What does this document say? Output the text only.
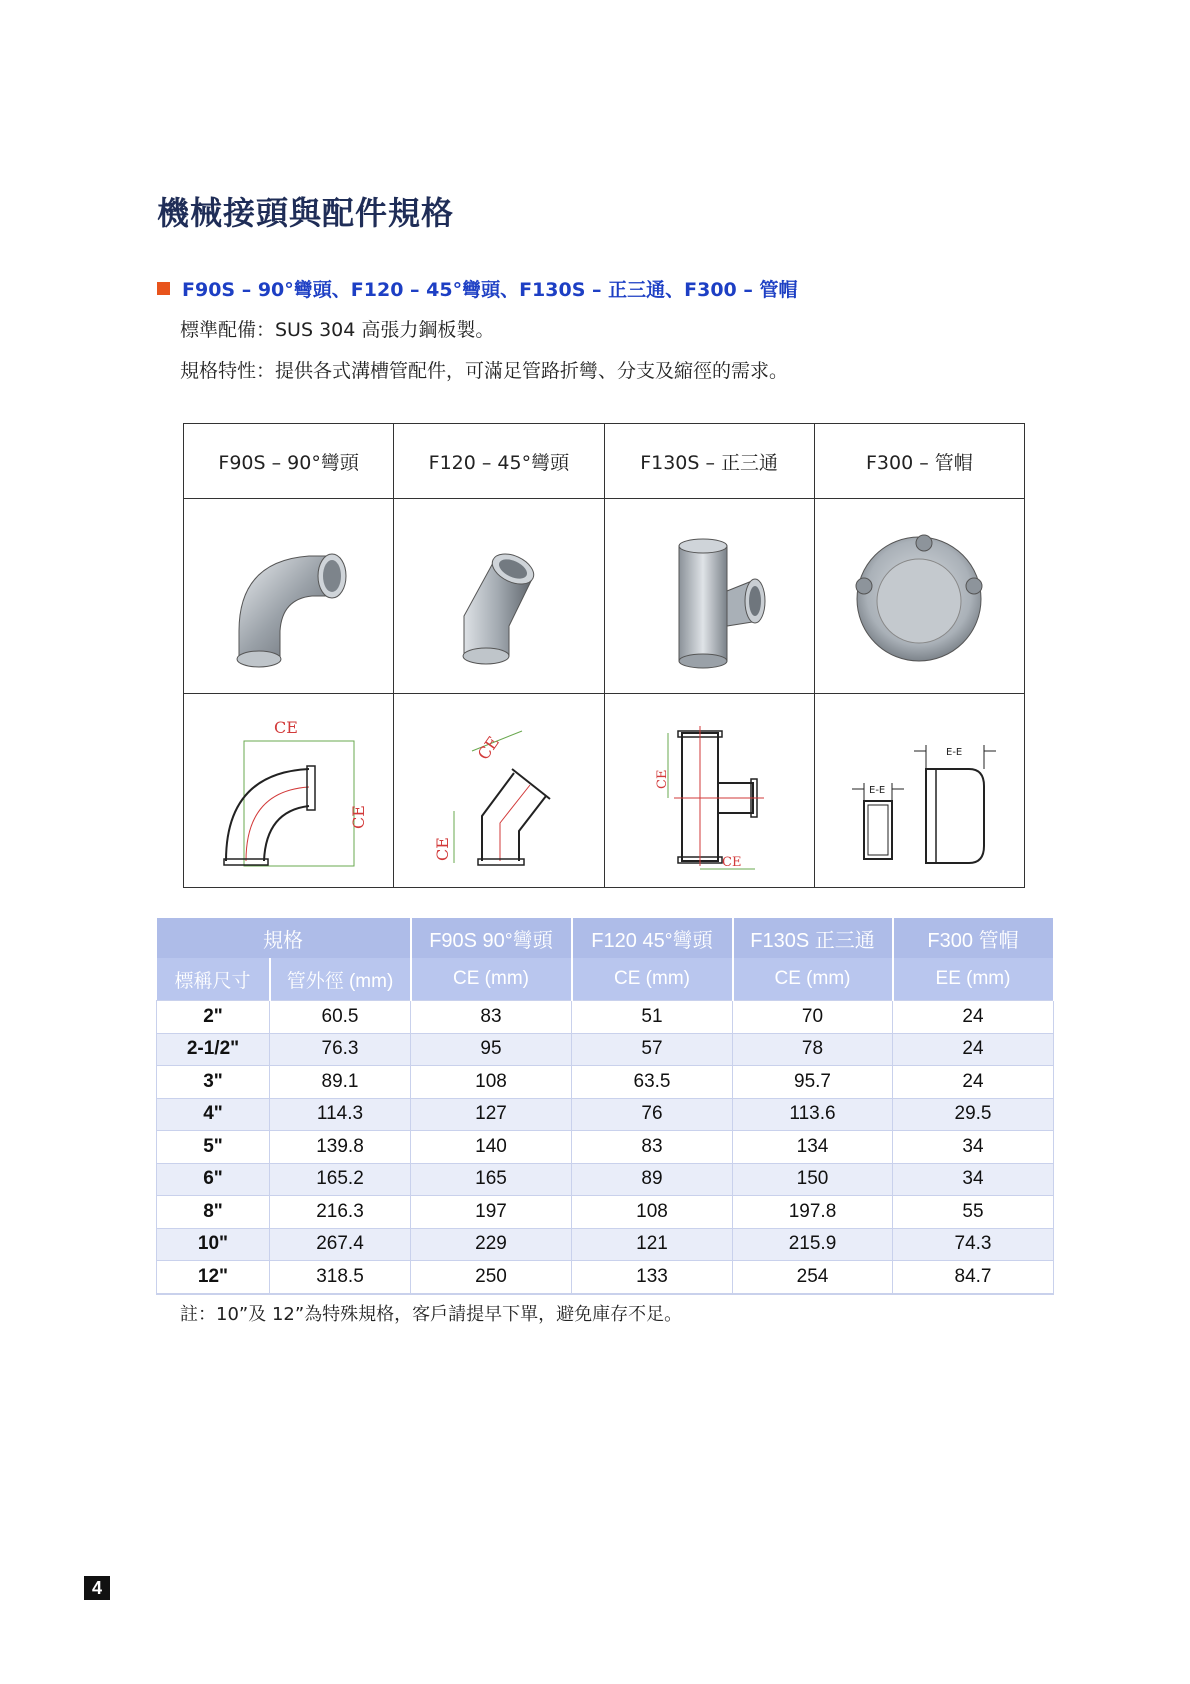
機械接頭與配件規格
F90S – 90°彎頭、F120 – 45°彎頭、F130S – 正三通、F300 – 管帽
標準配備：SUS 304 高張力鋼板製。
規格特性：提供各式溝槽管配件，可滿足管路折彎、分支及縮徑的需求。
F90S – 90°彎頭	F120 – 45°彎頭	F130S – 正三通	F300 – 管帽

CE
CE	CE
CE	CE
CE	E-E
E-E
規格		F90S 90°彎頭	F120 45°彎頭	F130S 正三通	F300 管帽
標稱尺寸	管外徑 (mm)	CE (mm)	CE (mm)	CE (mm)	EE (mm)
2"	60.5	83	51	70	24
2-1/2"	76.3	95	57	78	24
3"	89.1	108	63.5	95.7	24
4"	114.3	127	76	113.6	29.5
5"	139.8	140	83	134	34
6"	165.2	165	89	150	34
8"	216.3	197	108	197.8	55
10"	267.4	229	121	215.9	74.3
12"	318.5	250	133	254	84.7
註：10”及 12”為特殊規格，客戶請提早下單，避免庫存不足。
4
